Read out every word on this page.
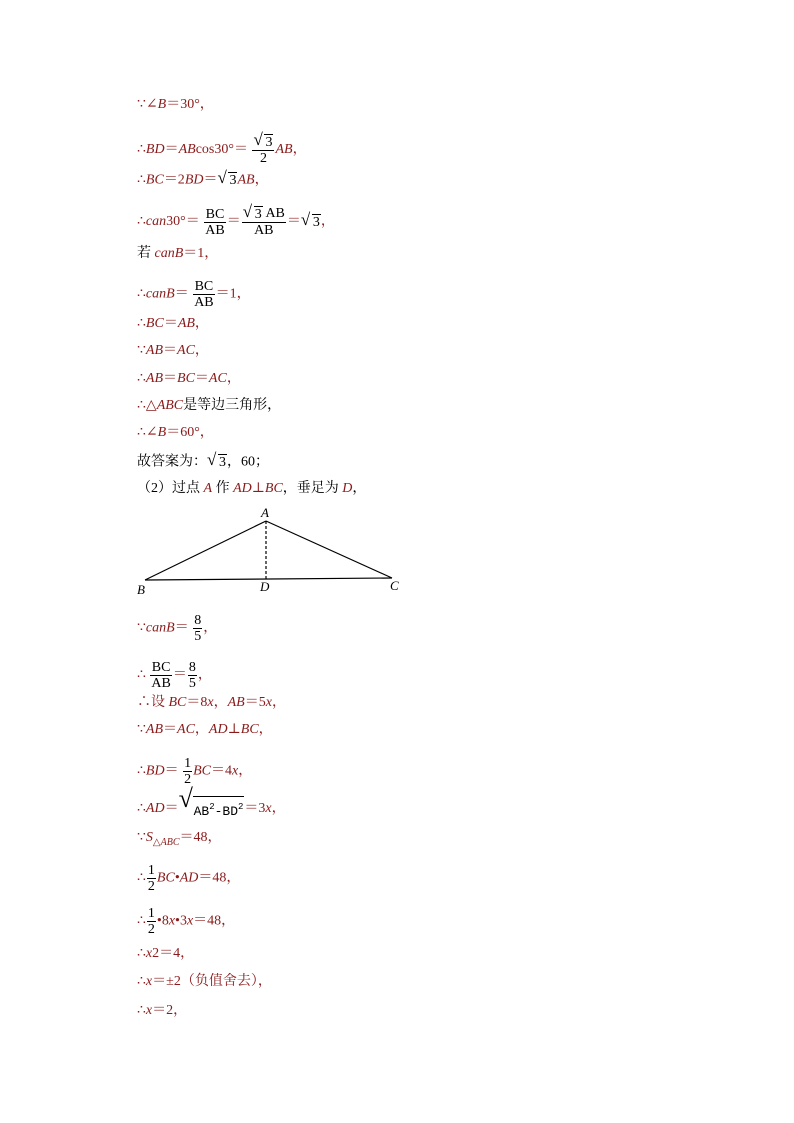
∵∠B＝30°，
∴BD＝ABcos30°＝ $\frac{√ 3}{2}$ AB，
∴BC＝2BD＝ √ 3AB，
∴can30°＝ $\frac{BC}{AB} = \frac{√ 3 AB}{AB}$ ＝ √ 3，
若 canB＝1，
∴canB＝ $\frac{BC}{AB} =1$，
∴BC＝AB，
∵AB＝AC，
∴AB＝BC＝AC，
∴△ABC是等边三角形，
∴∠B＝60°，
故答案为： √ 3，60；
（2）过点 A 作 AD⊥BC，垂足为 D，
A
B	C
D
∵canB＝ $\frac{8}{5}$ ，
∴ $\frac{BC}{AB} = \frac{8}{5}$ ，
∴设 BC＝8x，AB＝5x，
∵AB＝AC，AD⊥BC，
∴BD＝ $\frac{1}{2} BC=4x$，
∴AD＝ √ $AB^2-BD^2=3x$，
$\because S_{\triangle ABC}=48$，
∴ $\frac{1}{2}$ BC•AD＝48，
∴ $\frac{1}{2}$ •8x•3x＝48，
∴x2＝4，
∴x＝±2（负值舍去），
∴x＝2，
